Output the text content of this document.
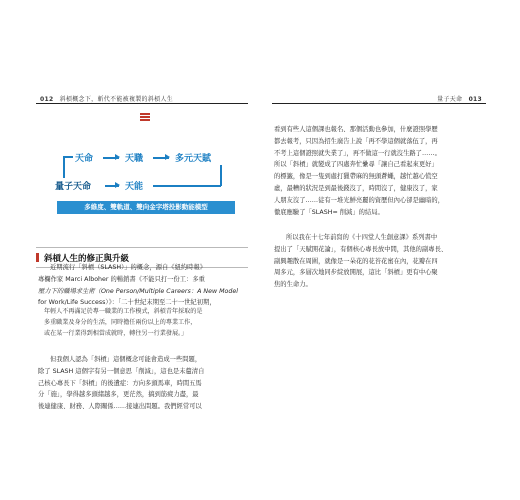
012 斜槓概念下，斬代不能被複製的斜槓人生	量子天命 013
天命	天職	多元天賦
量子天命	天能
多維度、雙軌道、雙向金字塔投影動能模型
斜槓人生的修正與升級
近期流行「斜槓（SLASH）」的概念，源自《紐約時報》
專欄作家 Marci Alboher 的暢銷書《不能只打一份工：多重
壓力下的職場求生術（One Person/Multiple Careers：A New Model
for Work/Life Success）》：「二十世紀末期至二十一世紀初期，
年輕人不再滿足於專一職業的工作模式，斜槓青年採取的是
多重職業及身分的生活，同時擔任兩份以上的專業工作，
或在某一行業得到相當成就時，轉往另一行業發展。」
但我個人認為「斜槓」這個概念可能會造成一些問題，
除了 SLASH 這個字有另一個意思「削減」，這也是未釐清自
己核心專長下「斜槓」的後遺症：方向多頭馬車，時間五馬
分「施」，學得越多頭緒越多，更茫然，搞到筋疲力盡，最
後連健康、財務、人際關係……接連出問題。我們經常可以
看到有些人這個課也報名、那個活動也參加，什麼證照學歷
都去報考，只因為招生廣告上說「再不學這個就落伍了，再
不考上這個證照就失業了」，再不做這一行就沒生路了……。
所以「斜槓」就變成了四處奔忙纍尋「讓自己看起來更好」
的標籤，像是一隻到處打獵帶麻的無頭蒼蠅，越忙越心慌空
虛，最糟的狀況是到最後錢沒了，時間沒了，健康沒了，家
人朋友沒了……徒有一堆光鮮亮麗的資歷但內心卻是幽暗的，
徹底應驗了「SLASH= 削減」的結局。
所以我在十七年前寫的《十四堂人生創意課》系列書中
提出了「天賦開花論」，有個核心專長放中間，其他的副專長、
副興趣散在周圍，就像是一朵花的花苔花蜜在內，花瓣在四
周多元，多層次地同步綻放開展，這比「斜槓」更有中心聚
焦的生命力。
